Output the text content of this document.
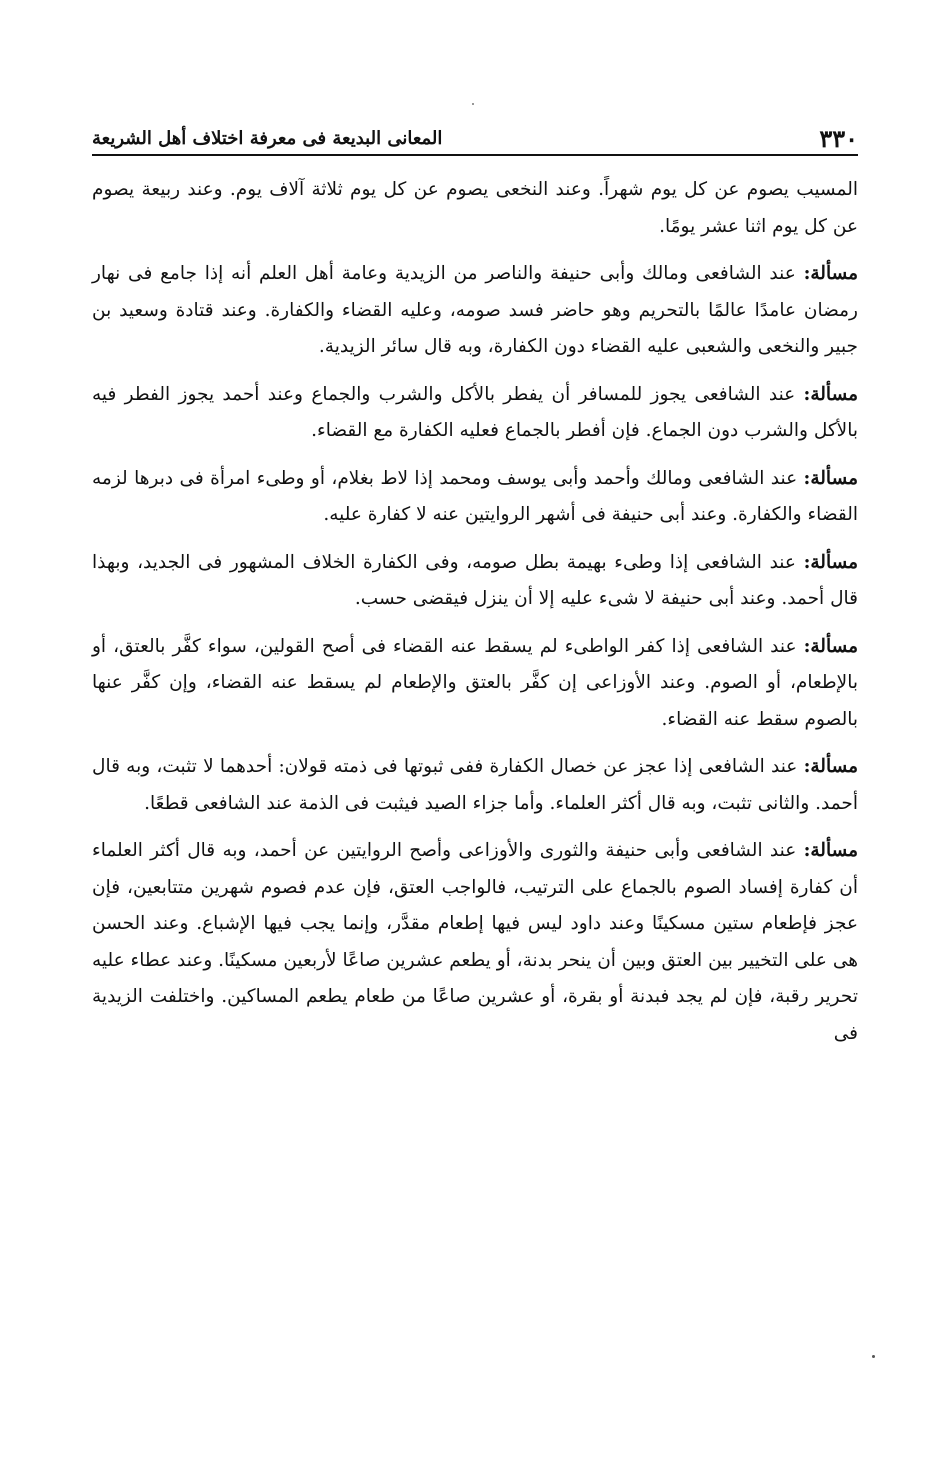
٣٣٠
المعانى البديعة فى معرفة اختلاف أهل الشريعة

المسيب يصوم عن كل يوم شهراً. وعند النخعى يصوم عن كل يوم ثلاثة آلاف يوم. وعند ربيعة يصوم عن كل يوم اثنا عشر يومًا.

مسألة: عند الشافعى ومالك وأبى حنيفة والناصر من الزيدية وعامة أهل العلم أنه إذا جامع فى نهار رمضان عامدًا عالمًا بالتحريم وهو حاضر فسد صومه، وعليه القضاء والكفارة. وعند قتادة وسعيد بن جبير والنخعى والشعبى عليه القضاء دون الكفارة، وبه قال سائر الزيدية.

مسألة: عند الشافعى يجوز للمسافر أن يفطر بالأكل والشرب والجماع وعند أحمد يجوز الفطر فيه بالأكل والشرب دون الجماع. فإن أفطر بالجماع فعليه الكفارة مع القضاء.

مسألة: عند الشافعى ومالك وأحمد وأبى يوسف ومحمد إذا لاط بغلام، أو وطىء امرأة فى دبرها لزمه القضاء والكفارة. وعند أبى حنيفة فى أشهر الروايتين عنه لا كفارة عليه.

مسألة: عند الشافعى إذا وطىء بهيمة بطل صومه، وفى الكفارة الخلاف المشهور فى الجديد، وبهذا قال أحمد. وعند أبى حنيفة لا شىء عليه إلا أن ينزل فيقضى حسب.

مسألة: عند الشافعى إذا كفر الواطىء لم يسقط عنه القضاء فى أصح القولين، سواء كفَّر بالعتق، أو بالإطعام، أو الصوم. وعند الأوزاعى إن كفَّر بالعتق والإطعام لم يسقط عنه القضاء، وإن كفَّر عنها بالصوم سقط عنه القضاء.

مسألة: عند الشافعى إذا عجز عن خصال الكفارة ففى ثبوتها فى ذمته قولان: أحدهما لا تثبت، وبه قال أحمد. والثانى تثبت، وبه قال أكثر العلماء. وأما جزاء الصيد فيثبت فى الذمة عند الشافعى قطعًا.

مسألة: عند الشافعى وأبى حنيفة والثورى والأوزاعى وأصح الروايتين عن أحمد، وبه قال أكثر العلماء أن كفارة إفساد الصوم بالجماع على الترتيب، فالواجب العتق، فإن عدم فصوم شهرين متتابعين، فإن عجز فإطعام ستين مسكينًا وعند داود ليس فيها إطعام مقدَّر، وإنما يجب فيها الإشباع. وعند الحسن هى على التخيير بين العتق وبين أن ينحر بدنة، أو يطعم عشرين صاعًا لأربعين مسكينًا. وعند عطاء عليه تحرير رقبة، فإن لم يجد فبدنة أو بقرة، أو عشرين صاعًا من طعام يطعم المساكين. واختلفت الزيدية فى
